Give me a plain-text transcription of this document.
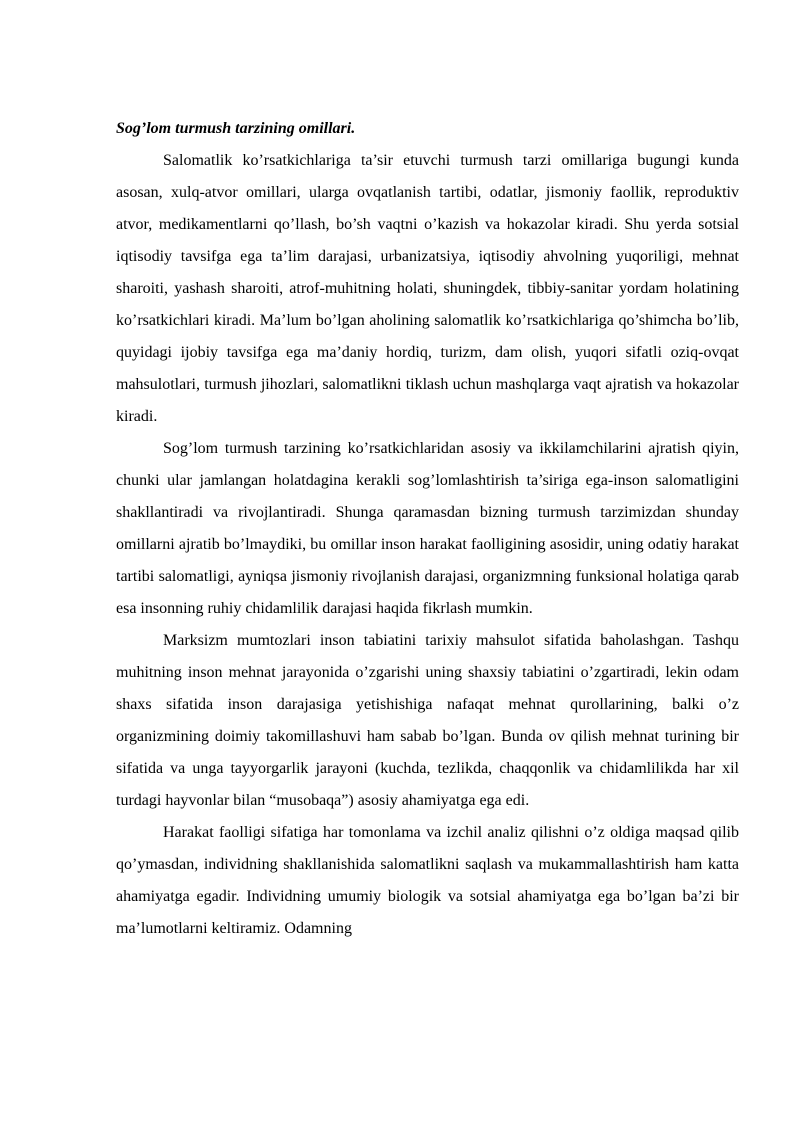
Sog’lom turmush tarzining omillari.

Salomatlik ko’rsatkichlariga ta’sir etuvchi turmush tarzi omillariga bugungi kunda asosan, xulq-atvor omillari, ularga ovqatlanish tartibi, odatlar, jismoniy faollik, reproduktiv atvor, medikamentlarni qo’llash, bo’sh vaqtni o’kazish va hokazolar kiradi. Shu yerda sotsial iqtisodiy tavsifga ega ta’lim darajasi, urbanizatsiya, iqtisodiy ahvolning yuqoriligi, mehnat sharoiti, yashash sharoiti, atrof-muhitning holati, shuningdek, tibbiy-sanitar yordam holatining ko’rsatkichlari kiradi. Ma’lum bo’lgan aholining salomatlik ko’rsatkichlariga qo’shimcha bo’lib, quyidagi ijobiy tavsifga ega ma’daniy hordiq, turizm, dam olish, yuqori sifatli oziq-ovqat mahsulotlari, turmush jihozlari, salomatlikni tiklash uchun mashqlarga vaqt ajratish va hokazolar kiradi.

Sog’lom turmush tarzining ko’rsatkichlaridan asosiy va ikkilamchilarini ajratish qiyin, chunki ular jamlangan holatdagina kerakli sog’lomlashtirish ta’siriga ega-inson salomatligini shakllantiradi va rivojlantiradi. Shunga qaramasdan bizning turmush tarzimizdan shunday omillarni ajratib bo’lmaydiki, bu omillar inson harakat faolligining asosidir, uning odatiy harakat tartibi salomatligi, ayniqsa jismoniy rivojlanish darajasi, organizmning funksional holatiga qarab esa insonning ruhiy chidamlilik darajasi haqida fikrlash mumkin.

Marksizm mumtozlari inson tabiatini tarixiy mahsulot sifatida baholashgan. Tashqu muhitning inson mehnat jarayonida o’zgarishi uning shaxsiy tabiatini o’zgartiradi, lekin odam shaxs sifatida inson darajasiga yetishishiga nafaqat mehnat qurollarining, balki o’z organizmining doimiy takomillashuvi ham sabab bo’lgan. Bunda ov qilish mehnat turining bir sifatida va unga tayyorgarlik jarayoni (kuchda, tezlikda, chaqqonlik va chidamlilikda har xil turdagi hayvonlar bilan “musobaqa”) asosiy ahamiyatga ega edi.

Harakat faolligi sifatiga har tomonlama va izchil analiz qilishni o’z oldiga maqsad qilib qo’ymasdan, individning shakllanishida salomatlikni saqlash va mukammallashtirish ham katta ahamiyatga egadir. Individning umumiy biologik va sotsial ahamiyatga ega bo’lgan ba’zi bir ma’lumotlarni keltiramiz. Odamning
